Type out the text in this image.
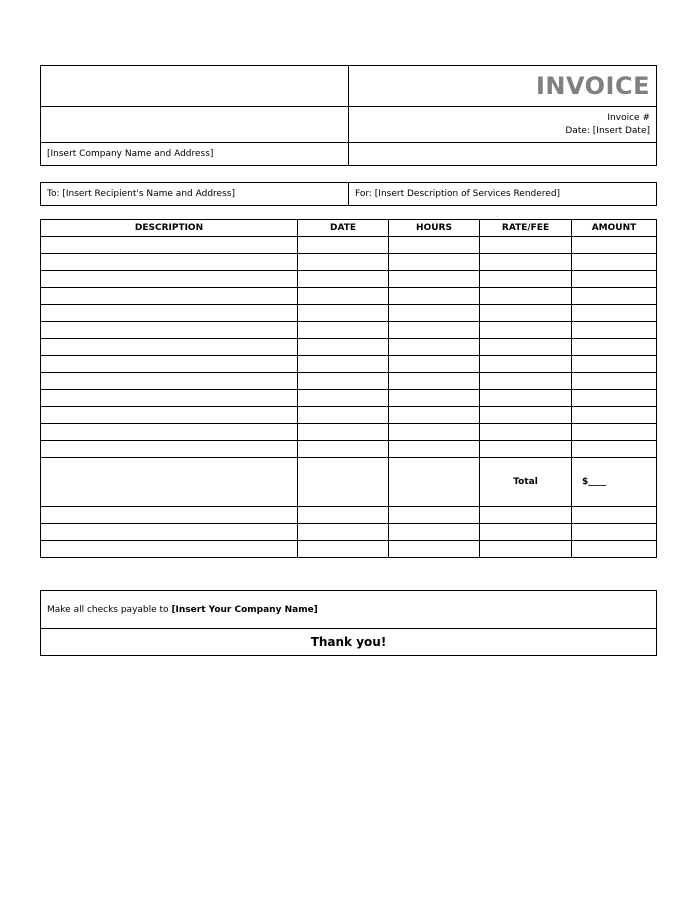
	INVOICE

	Invoice #
Date: [Insert Date]

[Insert Company Name and Address]	
To: [Insert Recipient's Name and Address]	For: [Insert Description of Services Rendered]
DESCRIPTION	DATE	HOURS	RATE/FEE	AMOUNT

			Total	$____

Make all checks payable to [Insert Your Company Name]
Thank you!
